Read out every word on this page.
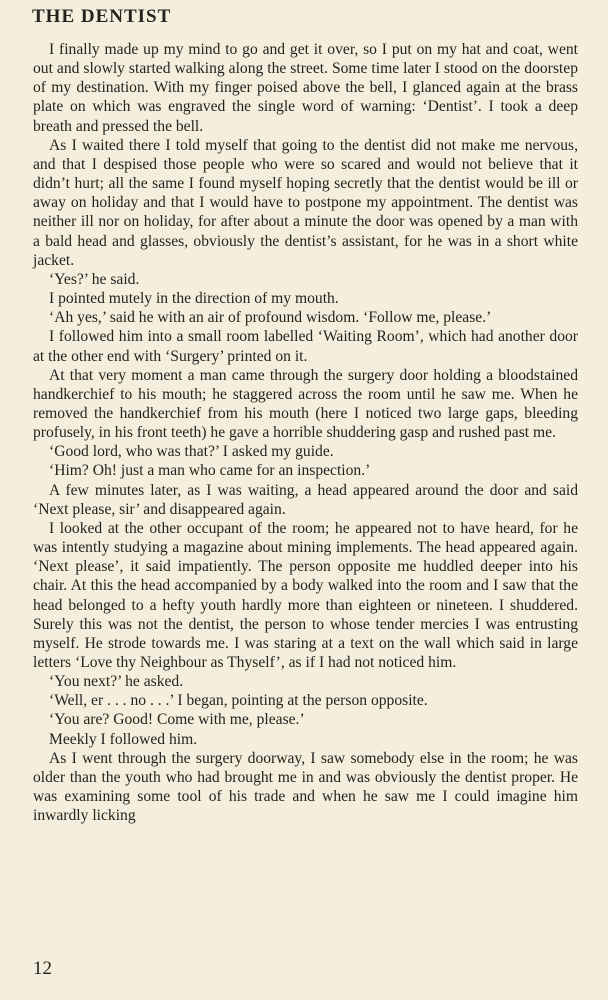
THE DENTIST

I finally made up my mind to go and get it over, so I put on my hat and coat, went out and slowly started walking along the street. Some time later I stood on the doorstep of my destination. With my finger poised above the bell, I glanced again at the brass plate on which was engraved the single word of warning: ‘Dentist’. I took a deep breath and pressed the bell.

As I waited there I told myself that going to the dentist did not make me nervous, and that I despised those people who were so scared and would not believe that it didn’t hurt; all the same I found myself hoping secretly that the dentist would be ill or away on holiday and that I would have to postpone my appointment. The dentist was neither ill nor on holiday, for after about a minute the door was opened by a man with a bald head and glasses, obviously the dentist’s assistant, for he was in a short white jacket.

‘Yes?’ he said.

I pointed mutely in the direction of my mouth.

‘Ah yes,’ said he with an air of profound wisdom. ‘Follow me, please.’

I followed him into a small room labelled ‘Waiting Room’, which had another door at the other end with ‘Surgery’ printed on it.

At that very moment a man came through the surgery door holding a bloodstained handkerchief to his mouth; he staggered across the room until he saw me. When he removed the handkerchief from his mouth (here I noticed two large gaps, bleeding profusely, in his front teeth) he gave a horrible shuddering gasp and rushed past me.

‘Good lord, who was that?’ I asked my guide.

‘Him? Oh! just a man who came for an inspection.’

A few minutes later, as I was waiting, a head appeared around the door and said ‘Next please, sir’ and disappeared again.

I looked at the other occupant of the room; he appeared not to have heard, for he was intently studying a magazine about mining implements. The head appeared again. ‘Next please’, it said impatiently. The person opposite me huddled deeper into his chair. At this the head accompanied by a body walked into the room and I saw that the head belonged to a hefty youth hardly more than eighteen or nineteen. I shuddered. Surely this was not the dentist, the person to whose tender mercies I was entrusting myself. He strode towards me. I was staring at a text on the wall which said in large letters ‘Love thy Neighbour as Thyself’, as if I had not noticed him.

‘You next?’ he asked.

‘Well, er . . . no . . .’ I began, pointing at the person opposite.

‘You are? Good! Come with me, please.’

Meekly I followed him.

As I went through the surgery doorway, I saw somebody else in the room; he was older than the youth who had brought me in and was obviously the dentist proper. He was examining some tool of his trade and when he saw me I could imagine him inwardly licking

12
